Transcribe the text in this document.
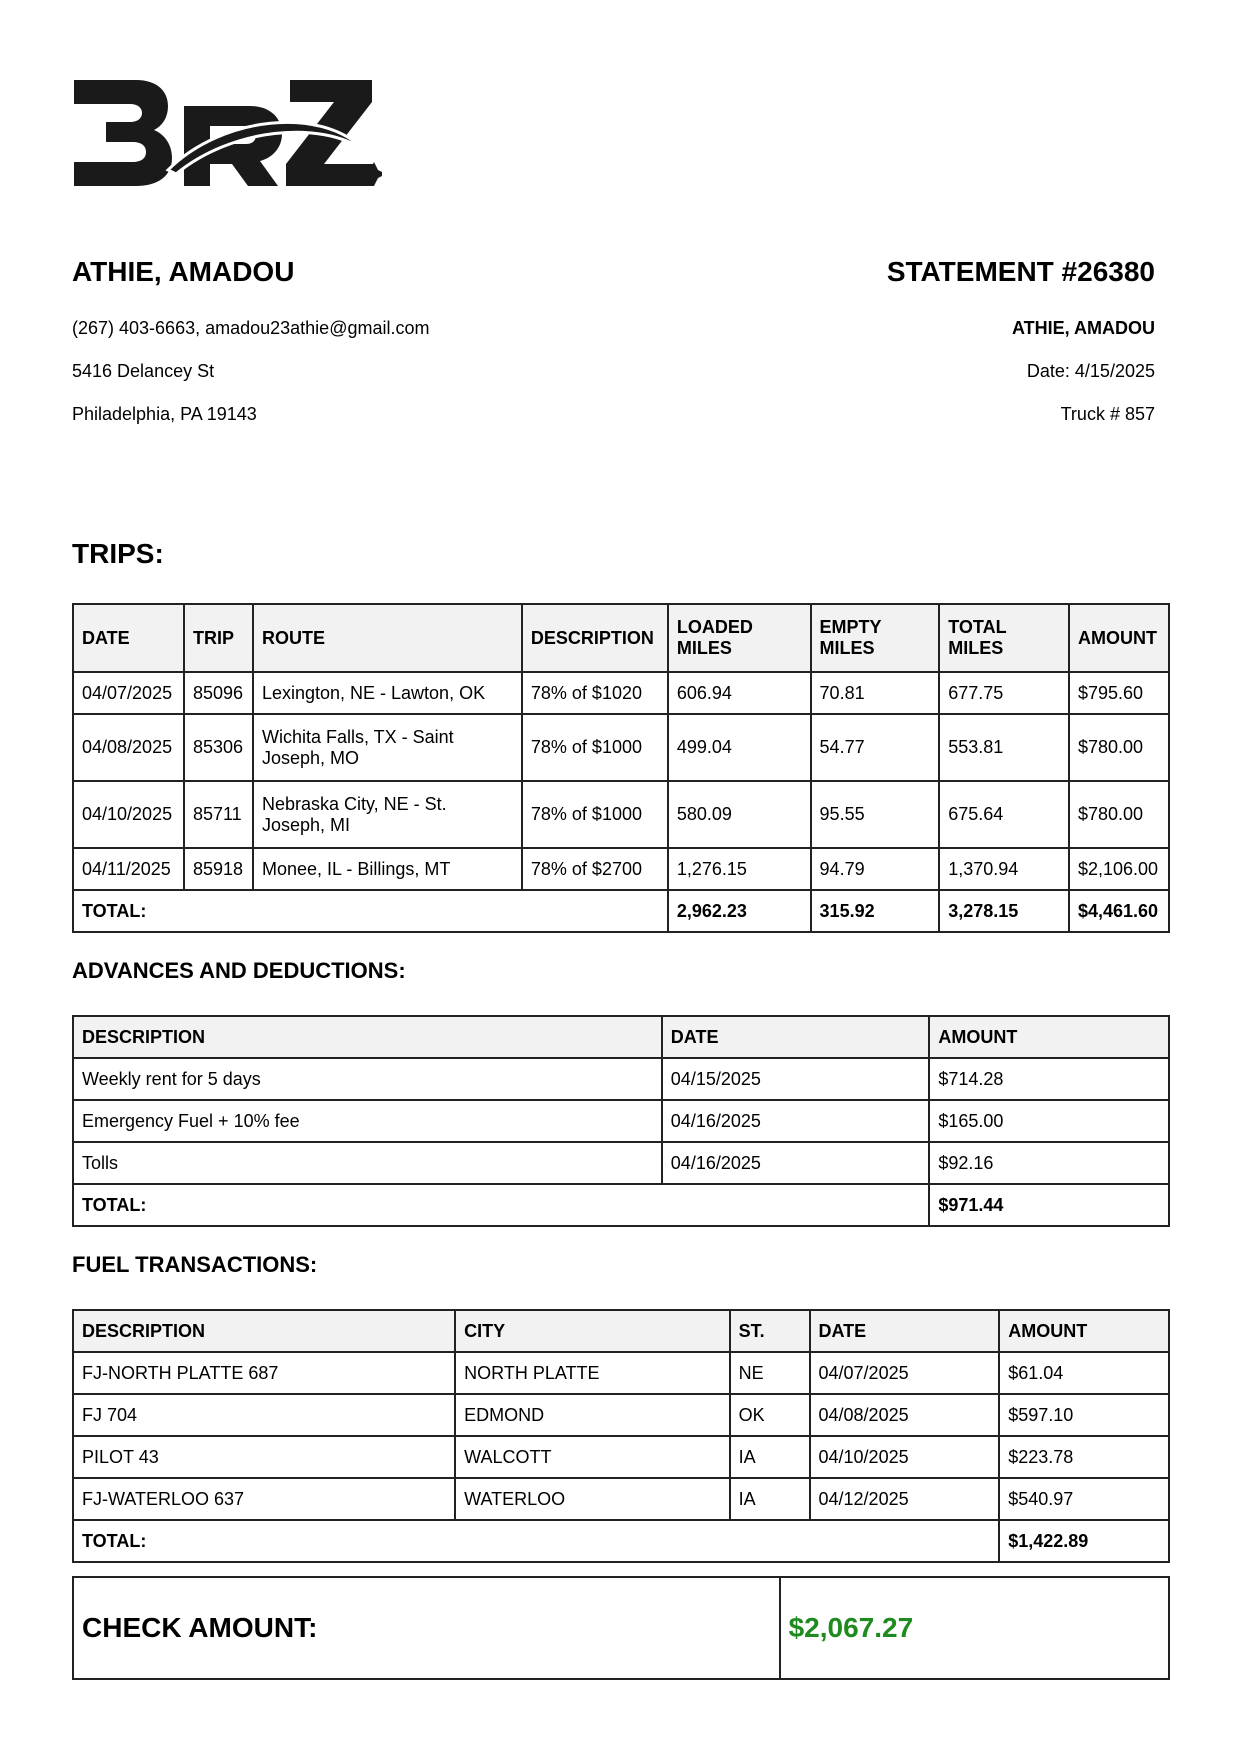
ATHIE, AMADOU
(267) 403-6663, amadou23athie@gmail.com
5416 Delancey St
Philadelphia, PA 19143
STATEMENT #26380
ATHIE, AMADOU
Date: 4/15/2025
Truck # 857
TRIPS:
DATE	TRIP	ROUTE	DESCRIPTION	LOADED MILES	EMPTY MILES	TOTAL MILES	AMOUNT
04/07/2025	85096	Lexington, NE - Lawton, OK	78% of $1020	606.94	70.81	677.75	$795.60
04/08/2025	85306	Wichita Falls, TX - Saint Joseph, MO	78% of $1000	499.04	54.77	553.81	$780.00
04/10/2025	85711	Nebraska City, NE - St. Joseph, MI	78% of $1000	580.09	95.55	675.64	$780.00
04/11/2025	85918	Monee, IL - Billings, MT	78% of $2700	1,276.15	94.79	1,370.94	$2,106.00
TOTAL:				2,962.23	315.92	3,278.15	$4,461.60
ADVANCES AND DEDUCTIONS:
DESCRIPTION	DATE	AMOUNT
Weekly rent for 5 days	04/15/2025	$714.28
Emergency Fuel + 10% fee	04/16/2025	$165.00
Tolls	04/16/2025	$92.16
TOTAL:		$971.44
FUEL TRANSACTIONS:
DESCRIPTION	CITY	ST.	DATE	AMOUNT
FJ-NORTH PLATTE 687	NORTH PLATTE	NE	04/07/2025	$61.04
FJ 704	EDMOND	OK	04/08/2025	$597.10
PILOT 43	WALCOTT	IA	04/10/2025	$223.78
FJ-WATERLOO 637	WATERLOO	IA	04/12/2025	$540.97
TOTAL:				$1,422.89
CHECK AMOUNT:	$2,067.27
